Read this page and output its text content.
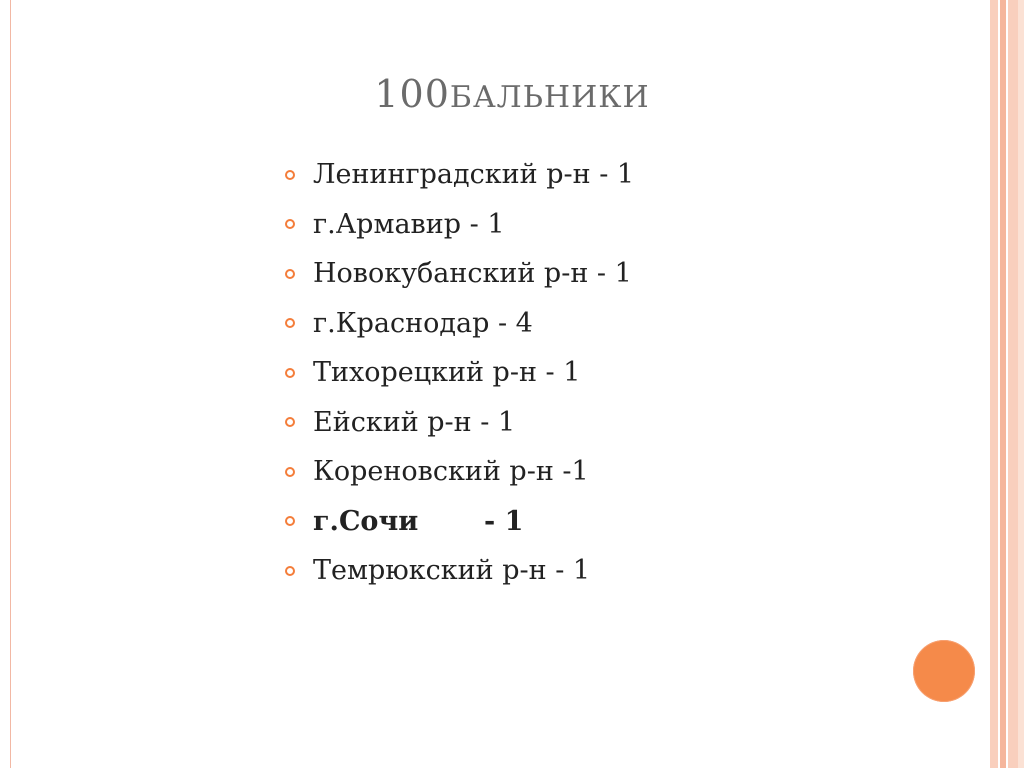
100БАЛЬНИКИ
Ленинградский р-н - 1
г.Армавир - 1
Новокубанский р-н - 1
г.Краснодар - 4
Тихорецкий р-н - 1
Ейский р-н - 1
Кореновский р-н -1
г.Сочи       - 1
Темрюкский р-н - 1
